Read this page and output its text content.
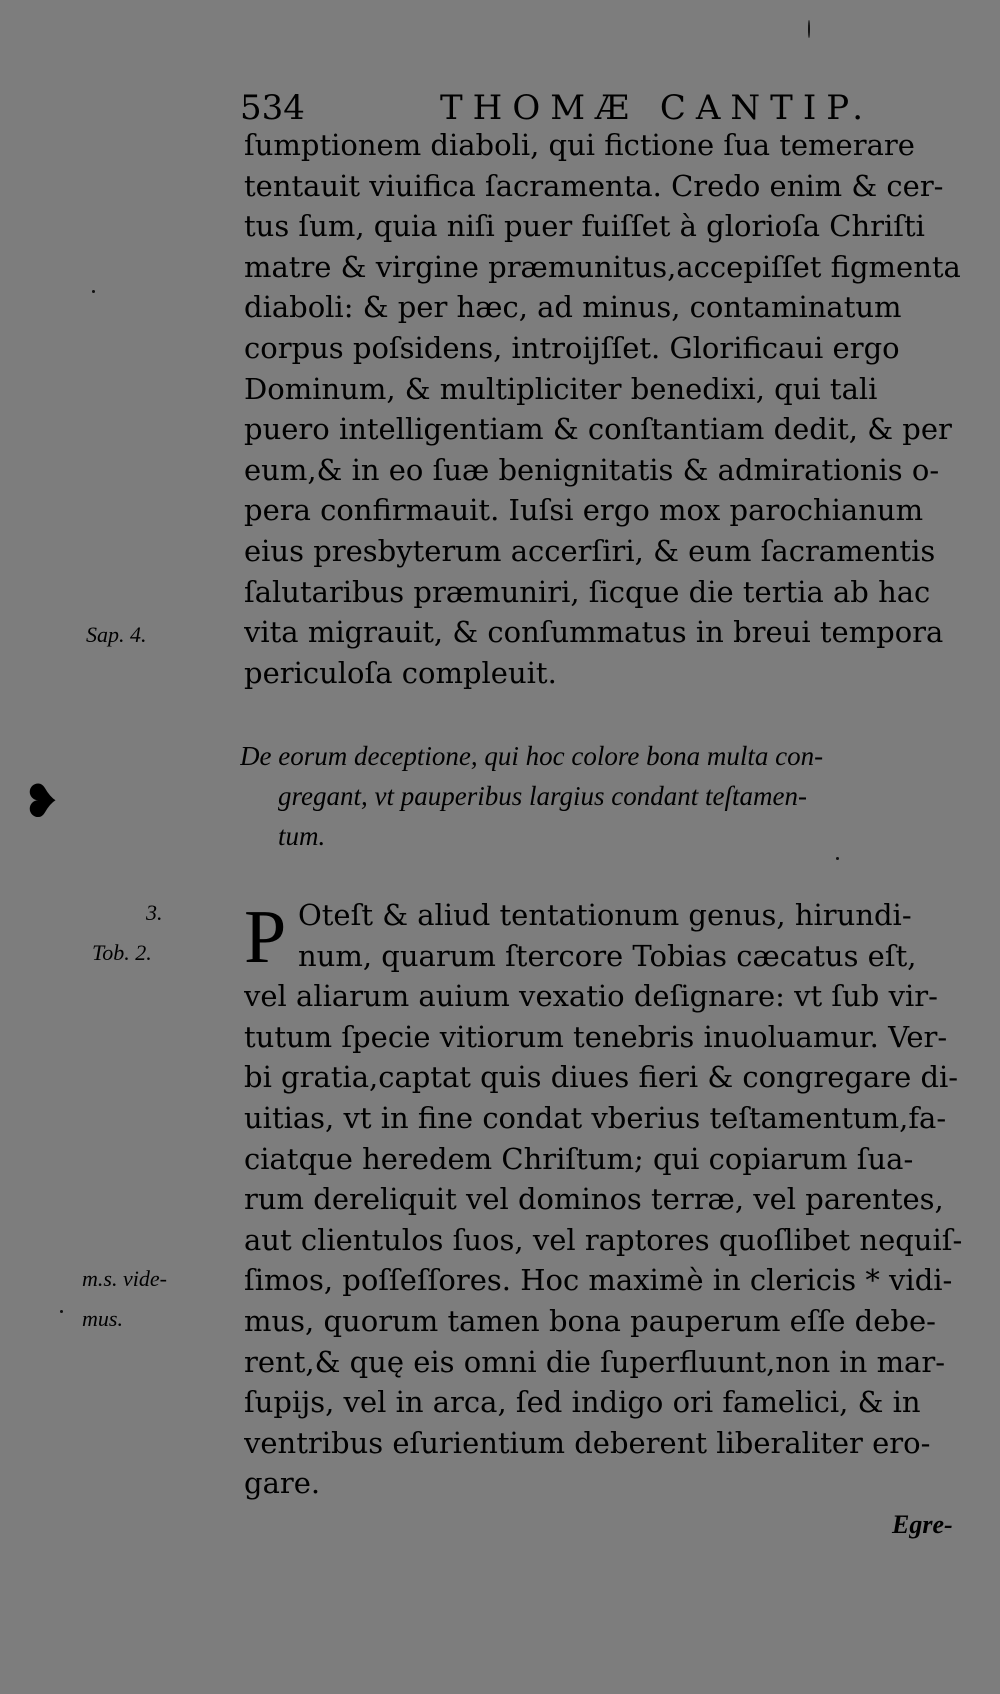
534	THOMÆ CANTIP.
ſumptionem diaboli, qui fictione ſua temerare
tentauit viuifica ſacramenta. Credo enim & cer-
tus ſum, quia niſi puer fuiſſet à glorioſa Chriſti
matre & virgine præmunitus,accepiſſet figmenta
diaboli: & per hæc, ad minus, contaminatum
corpus poſsidens, introijſſet. Glorificaui ergo
Dominum, & multipliciter benedixi, qui tali
puero intelligentiam & conſtantiam dedit, & per
eum,& in eo ſuæ benignitatis & admirationis o-
pera confirmauit. Iuſsi ergo mox parochianum
eius presbyterum accerſiri, & eum ſacramentis
ſalutaribus præmuniri, ſicque die tertia ab hac
vita migrauit, & conſummatus in breui tempora
periculoſa compleuit.
De eorum deceptione, qui hoc colore bona multa con-
gregant, vt pauperibus largius condant teſtamen-
tum.
P Oteſt & aliud tentationum genus, hirundi-
num, quarum ſtercore Tobias cæcatus eſt,
vel aliarum auium vexatio deſignare: vt ſub vir-
tutum ſpecie vitiorum tenebris inuoluamur. Ver-
bi gratia,captat quis diues fieri & congregare di-
uitias, vt in fine condat vberius teſtamentum,fa-
ciatque heredem Chriſtum; qui copiarum ſua-
rum dereliquit vel dominos terræ, vel parentes,
aut clientulos ſuos, vel raptores quoſlibet nequiſ-
ſimos, poſſeſſores. Hoc maximè in clericis * vidi-
mus, quorum tamen bona pauperum eſſe debe-
rent,& quę eis omni die ſuperfluunt,non in mar-
ſupijs, vel in arca, ſed indigo ori famelici, & in
ventribus eſurientium deberent liberaliter ero-
gare.
Sap. 4.
3.
Tob. 2.
m.s. vide-
mus.
❥
Egre-
